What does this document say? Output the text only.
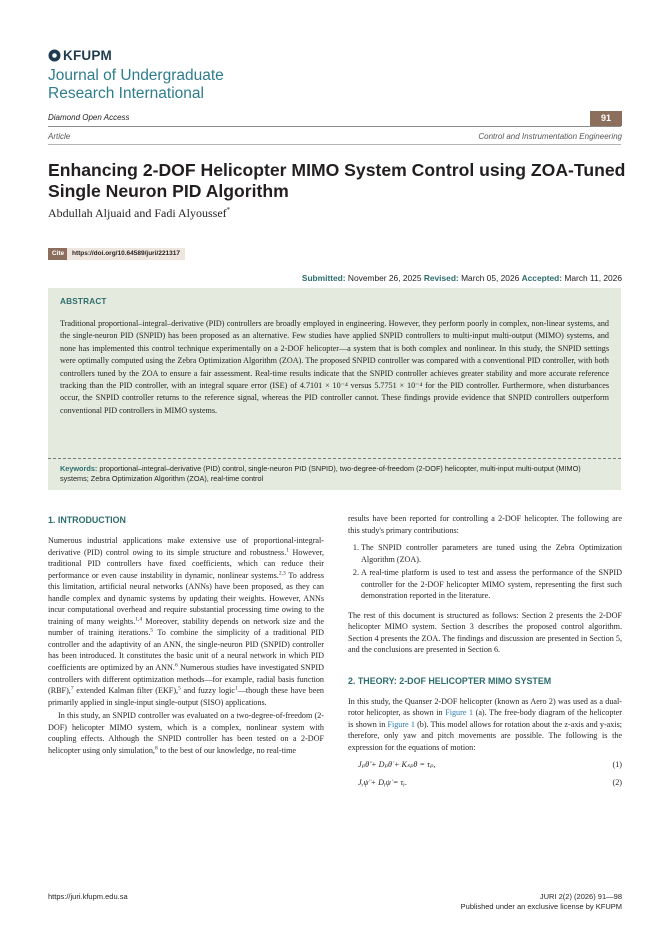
KFUPM
Journal of Undergraduate
Research International
Diamond Open Access	91
Article	Control and Instrumentation Engineering
Enhancing 2-DOF Helicopter MIMO System Control using ZOA-Tuned Single Neuron PID Algorithm
Abdullah Aljuaid and Fadi Alyoussef*
Cite	https://doi.org/10.64589/juri/221317
Submitted: November 26, 2025 Revised: March 05, 2026 Accepted: March 11, 2026
ABSTRACT
Traditional proportional–integral–derivative (PID) controllers are broadly employed in engineering. However, they perform poorly in complex, non-linear systems, and the single-neuron PID (SNPID) has been proposed as an alternative. Few studies have applied SNPID controllers to multi-input multi-output (MIMO) systems, and none has implemented this control technique experimentally on a 2-DOF helicopter—a system that is both complex and nonlinear. In this study, the SNPID settings were optimally computed using the Zebra Optimization Algorithm (ZOA). The proposed SNPID controller was compared with a conventional PID controller, with both controllers tuned by the ZOA to ensure a fair assessment. Real-time results indicate that the SNPID controller achieves greater stability and more accurate reference tracking than the PID controller, with an integral square error (ISE) of 4.7101 × 10⁻⁴ versus 5.7751 × 10⁻⁴ for the PID controller. Furthermore, when disturbances occur, the SNPID controller returns to the reference signal, whereas the PID controller cannot. These findings provide evidence that SNPID controllers outperform conventional PID controllers in MIMO systems.
Keywords: proportional–integral–derivative (PID) control, single-neuron PID (SNPID), two-degree-of-freedom (2-DOF) helicopter, multi-input multi-output (MIMO) systems; Zebra Optimization Algorithm (ZOA), real-time control
1. INTRODUCTION

Numerous industrial applications make extensive use of proportional-integral-derivative (PID) control owing to its simple structure and robustness.$^1$ However, traditional PID controllers have fixed coefficients, which can reduce their performance or even cause instability in dynamic, nonlinear systems.$^{2,3}$ To address this limitation, artificial neural networks (ANNs) have been proposed, as they can handle complex and dynamic systems by updating their weights. However, ANNs incur computational overhead and require substantial processing time owing to the training of many weights.$^{1,4}$ Moreover, stability depends on network size and the number of training iterations.$^5$ To combine the simplicity of a traditional PID controller and the adaptivity of an ANN, the single-neuron PID (SNPID) controller has been introduced. It constitutes the basic unit of a neural network in which PID coefficients are optimized by an ANN.$^6$ Numerous studies have investigated SNPID controllers with different optimization methods—for example, radial basis function (RBF),$^7$ extended Kalman filter (EKF),$^5$ and fuzzy logic$^1$—though these have been primarily applied in single-input single-output (SISO) applications.

In this study, an SNPID controller was evaluated on a two-degree-of-freedom (2-DOF) helicopter MIMO system, which is a complex, nonlinear system with coupling effects. Although the SNPID controller has been tested on a 2-DOF helicopter using only simulation,$^8$ to the best of our knowledge, no real-time

results have been reported for controlling a 2-DOF helicopter. The following are this study's primary contributions:

1. The SNPID controller parameters are tuned using the Zebra Optimization Algorithm (ZOA).
2. A real-time platform is used to test and assess the performance of the SNPID controller for the 2-DOF helicopter MIMO system, representing the first such demonstration reported in the literature.

The rest of this document is structured as follows: Section 2 presents the 2-DOF helicopter MIMO system. Section 3 describes the proposed control algorithm. Section 4 presents the ZOA. The findings and discussion are presented in Section 5, and the conclusions are presented in Section 6.

2. THEORY: 2-DOF HELICOPTER MIMO SYSTEM

In this study, the Quanser 2-DOF helicopter (known as Aero 2) was used as a dual-rotor helicopter, as shown in Figure 1 (a). The free-body diagram of the helicopter is shown in Figure 1 (b). This model allows for rotation about the z-axis and y-axis; therefore, only yaw and pitch movements are possible. The following is the expression for the equations of motion:

Jₚθ̈ + Dₚθ̇ + Kₛₚθ = τₚ,	(1)
Jᵧψ̈ + Dᵧψ̇ = τᵧ.	(2)
https://juri.kfupm.edu.sa	JURI 2(2) (2026) 91—98
Published under an exclusive license by KFUPM
